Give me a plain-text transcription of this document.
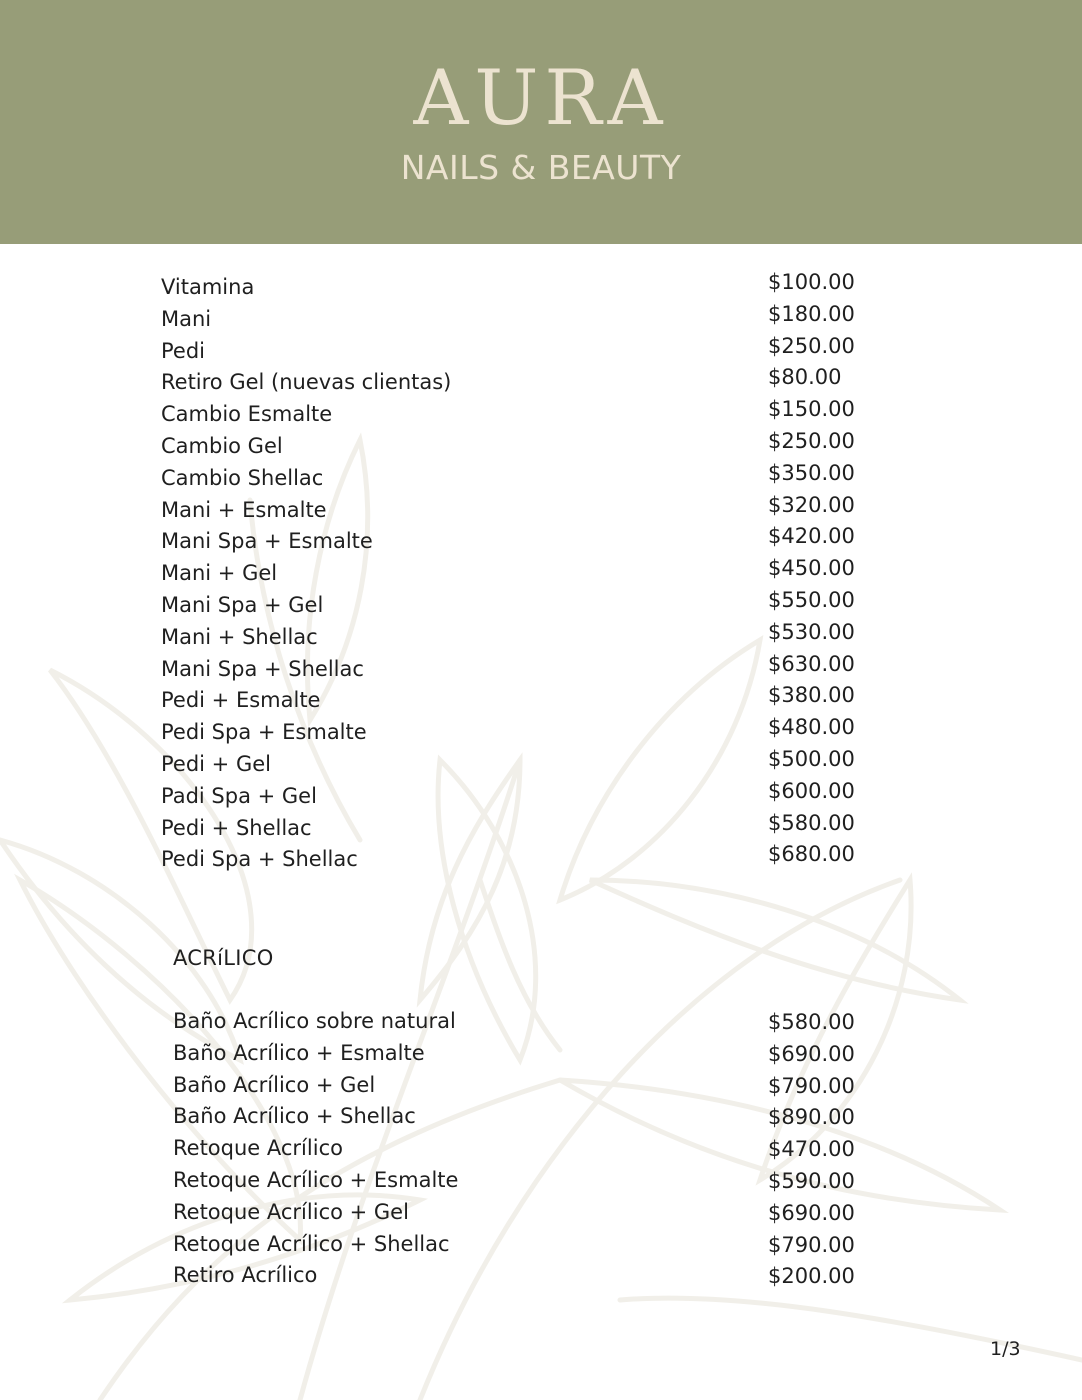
AURA
NAILS & BEAUTY
Vitamina	$100.00
Mani	$180.00
Pedi	$250.00
Retiro Gel (nuevas clientas)	$80.00
Cambio Esmalte	$150.00
Cambio Gel	$250.00
Cambio Shellac	$350.00
Mani + Esmalte	$320.00
Mani Spa + Esmalte	$420.00
Mani + Gel	$450.00
Mani Spa + Gel	$550.00
Mani + Shellac	$530.00
Mani Spa + Shellac	$630.00
Pedi + Esmalte	$380.00
Pedi Spa + Esmalte	$480.00
Pedi + Gel	$500.00
Padi Spa + Gel	$600.00
Pedi + Shellac	$580.00
Pedi Spa + Shellac	$680.00
ACRíLICO
Baño Acrílico sobre natural	$580.00
Baño Acrílico + Esmalte	$690.00
Baño Acrílico + Gel	$790.00
Baño Acrílico + Shellac	$890.00
Retoque Acrílico	$470.00
Retoque Acrílico + Esmalte	$590.00
Retoque Acrílico + Gel	$690.00
Retoque Acrílico + Shellac	$790.00
Retiro Acrílico	$200.00
1/3
